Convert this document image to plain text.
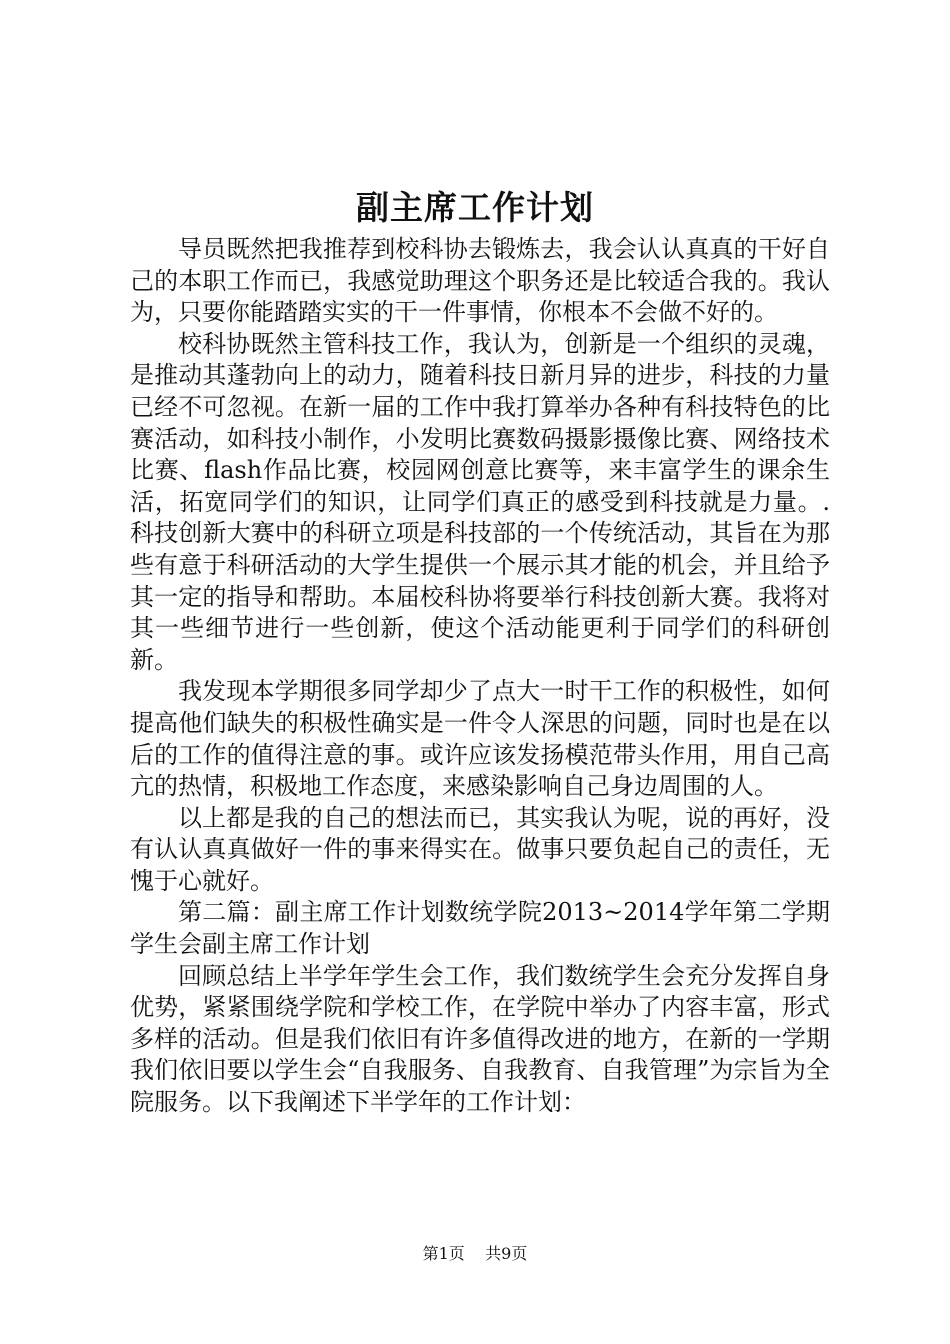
副主席工作计划

导员既然把我推荐到校科协去锻炼去，我会认认真真的干好自己的本职工作而已，我感觉助理这个职务还是比较适合我的。我认为，只要你能踏踏实实的干一件事情，你根本不会做不好的。

校科协既然主管科技工作，我认为，创新是一个组织的灵魂，是推动其蓬勃向上的动力，随着科技日新月异的进步，科技的力量已经不可忽视。在新一届的工作中我打算举办各种有科技特色的比赛活动，如科技小制作，小发明比赛数码摄影摄像比赛、网络技术比赛、flash作品比赛，校园网创意比赛等，来丰富学生的课余生活，拓宽同学们的知识，让同学们真正的感受到科技就是力量。.科技创新大赛中的科研立项是科技部的一个传统活动，其旨在为那些有意于科研活动的大学生提供一个展示其才能的机会，并且给予其一定的指导和帮助。本届校科协将要举行科技创新大赛。我将对其一些细节进行一些创新，使这个活动能更利于同学们的科研创新。

我发现本学期很多同学却少了点大一时干工作的积极性，如何提高他们缺失的积极性确实是一件令人深思的问题，同时也是在以后的工作的值得注意的事。或许应该发扬模范带头作用，用自己高亢的热情，积极地工作态度，来感染影响自己身边周围的人。

以上都是我的自己的想法而已，其实我认为呢，说的再好，没有认认真真做好一件的事来得实在。做事只要负起自己的责任，无愧于心就好。

第二篇：副主席工作计划数统学院2013~2014学年第二学期学生会副主席工作计划

回顾总结上半学年学生会工作，我们数统学生会充分发挥自身优势，紧紧围绕学院和学校工作，在学院中举办了内容丰富，形式多样的活动。但是我们依旧有许多值得改进的地方，在新的一学期我们依旧要以学生会“自我服务、自我教育、自我管理”为宗旨为全院服务。以下我阐述下半学年的工作计划：

第1页 共9页
